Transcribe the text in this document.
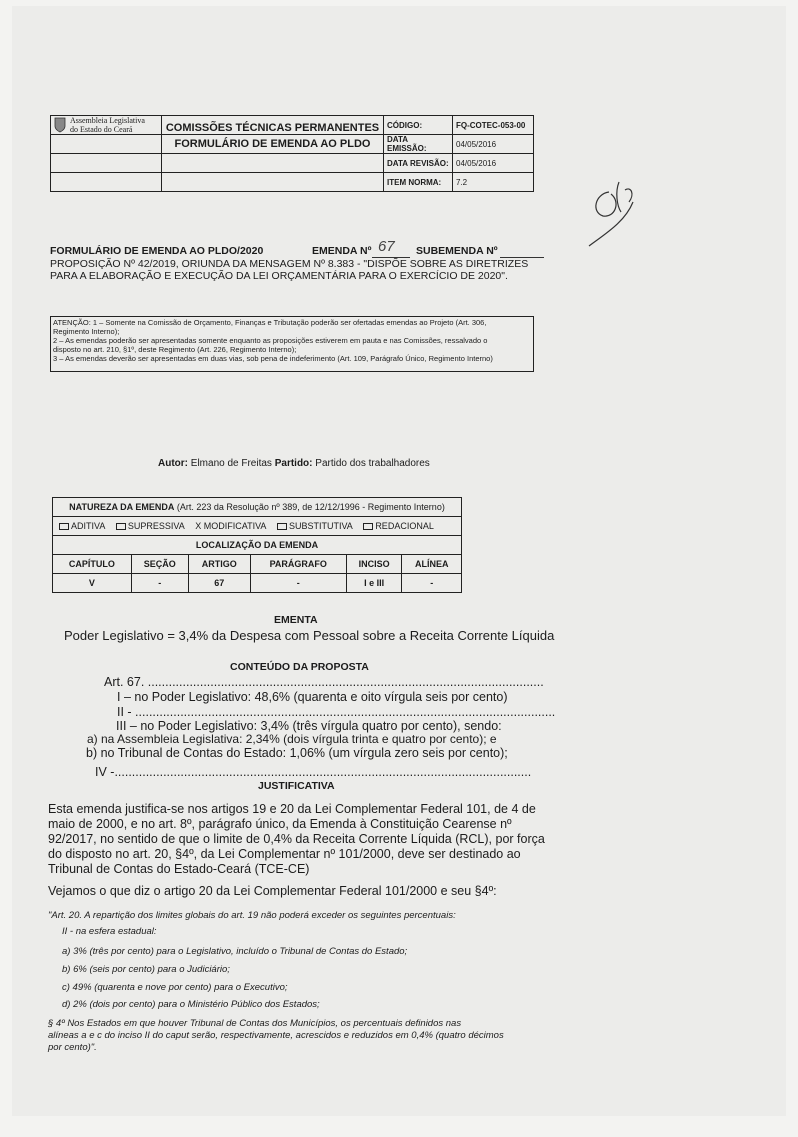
Assembleia Legislativa
do Estado do Ceará	COMISSÕES TÉCNICAS PERMANENTES	CÓDIGO:	FQ-COTEC-053-00
	FORMULÁRIO DE EMENDA AO PLDO	DATA EMISSÃO:	04/05/2016
		DATA REVISÃO:	04/05/2016
		ITEM NORMA:	7.2
FORMULÁRIO DE EMENDA AO PLDO/2020	EMENDA Nº 67 SUBEMENDA Nº
PROPOSIÇÃO Nº 42/2019, ORIUNDA DA MENSAGEM Nº 8.383 - "DISPÕE SOBRE AS DIRETRIZES
PARA A ELABORAÇÃO E EXECUÇÃO DA LEI ORÇAMENTÁRIA PARA O EXERCÍCIO DE 2020".
ATENÇÃO: 1 – Somente na Comissão de Orçamento, Finanças e Tributação poderão ser ofertadas emendas ao Projeto (Art. 306,
Regimento Interno);
2 – As emendas poderão ser apresentadas somente enquanto as proposições estiverem em pauta e nas Comissões, ressalvado o
disposto no art. 210, §1º, deste Regimento (Art. 226, Regimento Interno);
3 – As emendas deverão ser apresentadas em duas vias, sob pena de indeferimento (Art. 109, Parágrafo Único, Regimento Interno)
Autor: Elmano de Freitas Partido: Partido dos trabalhadores
NATUREZA DA EMENDA (Art. 223 da Resolução nº 389, de 12/12/1996 - Regimento Interno)					
ADITIVA SUPRESSIVA X MODIFICATIVA SUBSTITUTIVA REDACIONAL					
LOCALIZAÇÃO DA EMENDA					
CAPÍTULO	SEÇÃO	ARTIGO	PARÁGRAFO	INCISO	ALÍNEA
V	-	67	-	I e III	-
EMENTA
Poder Legislativo = 3,4% da Despesa com Pessoal sobre a Receita Corrente Líquida
CONTEÚDO DA PROPOSTA
Art. 67. ..................................................................................................................
I – no Poder Legislativo: 48,6% (quarenta e oito vírgula seis por cento)
II - .........................................................................................................................
III – no Poder Legislativo: 3,4% (três vírgula quatro por cento), sendo:
a) na Assembleia Legislativa: 2,34% (dois vírgula trinta e quatro por cento); e
b) no Tribunal de Contas do Estado: 1,06% (um vírgula zero seis por cento);
IV -........................................................................................................................
JUSTIFICATIVA
Esta emenda justifica-se nos artigos 19 e 20 da Lei Complementar Federal 101, de 4 de
maio de 2000, e no art. 8º, parágrafo único, da Emenda à Constituição Cearense nº
92/2017, no sentido de que o limite de 0,4% da Receita Corrente Líquida (RCL), por força
do disposto no art. 20, §4º, da Lei Complementar nº 101/2000, deve ser destinado ao
Tribunal de Contas do Estado-Ceará (TCE-CE)
Vejamos o que diz o artigo 20 da Lei Complementar Federal 101/2000 e seu §4º:
"Art. 20. A repartição dos limites globais do art. 19 não poderá exceder os seguintes percentuais:
II - na esfera estadual:
a) 3% (três por cento) para o Legislativo, incluído o Tribunal de Contas do Estado;
b) 6% (seis por cento) para o Judiciário;
c) 49% (quarenta e nove por cento) para o Executivo;
d) 2% (dois por cento) para o Ministério Público dos Estados;
§ 4º Nos Estados em que houver Tribunal de Contas dos Municípios, os percentuais definidos nas
alíneas a e c do inciso II do caput serão, respectivamente, acrescidos e reduzidos em 0,4% (quatro décimos
por cento)".
